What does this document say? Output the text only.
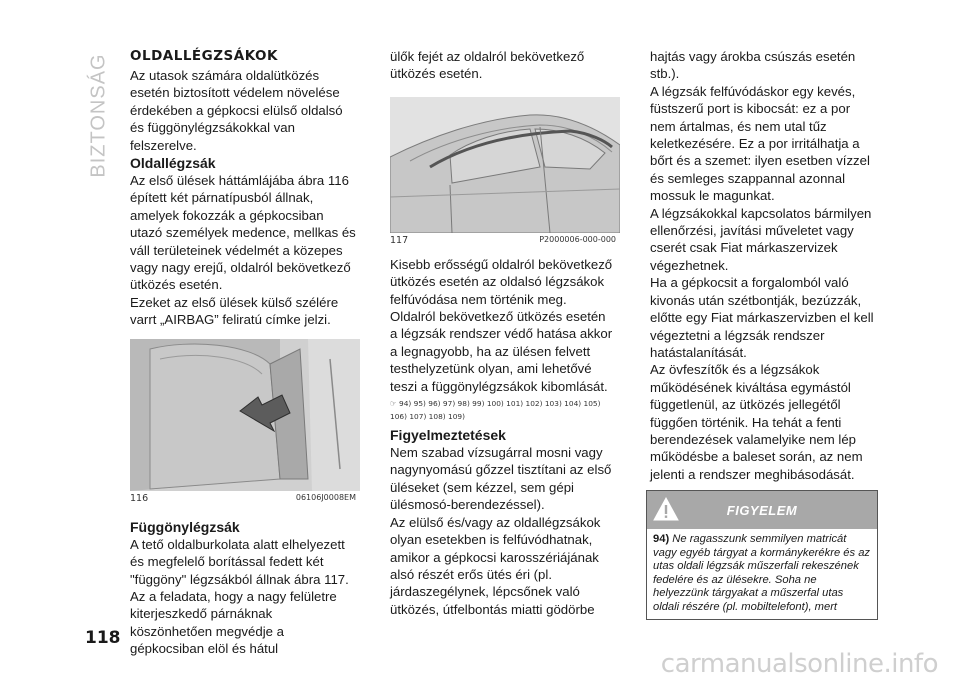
BIZTONSÁG OLDALLÉGZSÁKOK

Az utasok számára oldalütközés esetén biztosított védelem növelése érdekében a gépkocsi elülső oldalsó és függönylégzsákokkal van felszerelve.

Oldallégzsák

Az első ülések háttámlájába ábra 116 épített két párnatípusból állnak, amelyek fokozzák a gépkocsiban utazó személyek medence, mellkas és váll területeinek védelmét a közepes vagy nagy erejű, oldalról bekövetkező ütközés esetén.

Ezeket az első ülések külső szélére varrt „AIRBAG” feliratú címke jelzi.

116	06106J0008EM
Függönylégzsák

A tető oldalburkolata alatt elhelyezett és megfelelő borítással fedett két "függöny" légzsákból állnak ábra 117.

Az a feladata, hogy a nagy felületre kiterjeszkedő párnáknak köszönhetően megvédje a gépkocsiban elöl és hátul

ülők fejét az oldalról bekövetkező ütközés esetén.

117	P2000006-000-000

Kisebb erősségű oldalról bekövetkező ütközés esetén az oldalsó légzsákok felfúvódása nem történik meg.

Oldalról bekövetkező ütközés esetén a légzsák rendszer védő hatása akkor a legnagyobb, ha az ülésen felvett testhelyzetünk olyan, ami lehetővé teszi a függönylégzsákok kibomlását.

☞ 94) 95) 96) 97) 98) 99) 100) 101) 102) 103) 104) 105) 106) 107) 108) 109)
Figyelmeztetések

Nem szabad vízsugárral mosni vagy nagynyomású gőzzel tisztítani az első üléseket (sem kézzel, sem gépi ülésmosó-berendezéssel).

Az elülső és/vagy az oldallégzsákok olyan esetekben is felfúvódhatnak, amikor a gépkocsi karosszériájának alsó részét erős ütés éri (pl. járdaszegélynek, lépcsőnek való ütközés, útfelbontás miatti gödörbe

hajtás vagy árokba csúszás esetén stb.).

A légzsák felfúvódáskor egy kevés, füstszerű port is kibocsát: ez a por nem ártalmas, és nem utal tűz keletkezésére. Ez a por irritálhatja a bőrt és a szemet: ilyen esetben vízzel és semleges szappannal azonnal mossuk le magunkat.

A légzsákokkal kapcsolatos bármilyen ellenőrzési, javítási műveletet vagy cserét csak Fiat márkaszervizek végezhetnek.

Ha a gépkocsit a forgalomból való kivonás után szétbontják, bezúzzák, előtte egy Fiat márkaszervizben el kell végeztetni a légzsák rendszer hatástalanítását.

Az övfeszítők és a légzsákok működésének kiváltása egymástól függetlenül, az ütközés jellegétől függően történik. Ha tehát a fenti berendezések valamelyike nem lép működésbe a baleset során, az nem jelenti a rendszer meghibásodását.

FIGYELEM
94) Ne ragasszunk semmilyen matricát vagy egyéb tárgyat a kormánykerékre és az utas oldali légzsák műszerfali rekeszének fedelére és az ülésekre. Soha ne helyezzünk tárgyakat a műszerfal utas oldali részére (pl. mobiltelefont), mert
118
carmanualsonline.info
